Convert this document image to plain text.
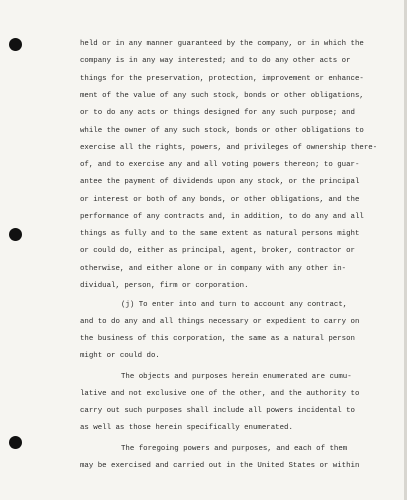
held or in any manner guaranteed by the company, or in which the
company is in any way interested; and to do any other acts or
things for the preservation, protection, improvement or enhance-
ment of the value of any such stock, bonds or other obligations,
or to do any acts or things designed for any such purpose; and
while the owner of any such stock, bonds or other obligations to
exercise all the rights, powers, and privileges of ownership there-
of, and to exercise any and all voting powers thereon; to guar-
antee the payment of dividends upon any stock, or the principal
or interest or both of any bonds, or other obligations, and the
performance of any contracts and, in addition, to do any and all
things as fully and to the same extent as natural persons might
or could do, either as principal, agent, broker, contractor or
otherwise, and either alone or in company with any other in-
dividual, person, firm or corporation.
(j) To enter into and turn to account any contract,
and to do any and all things necessary or expedient to carry on
the business of this corporation, the same as a natural person
might or could do.
The objects and purposes herein enumerated are cumu-
lative and not exclusive one of the other, and the authority to
carry out such purposes shall include all powers incidental to
as well as those herein specifically enumerated.
The foregoing powers and purposes, and each of them
may be exercised and carried out in the United States or within
